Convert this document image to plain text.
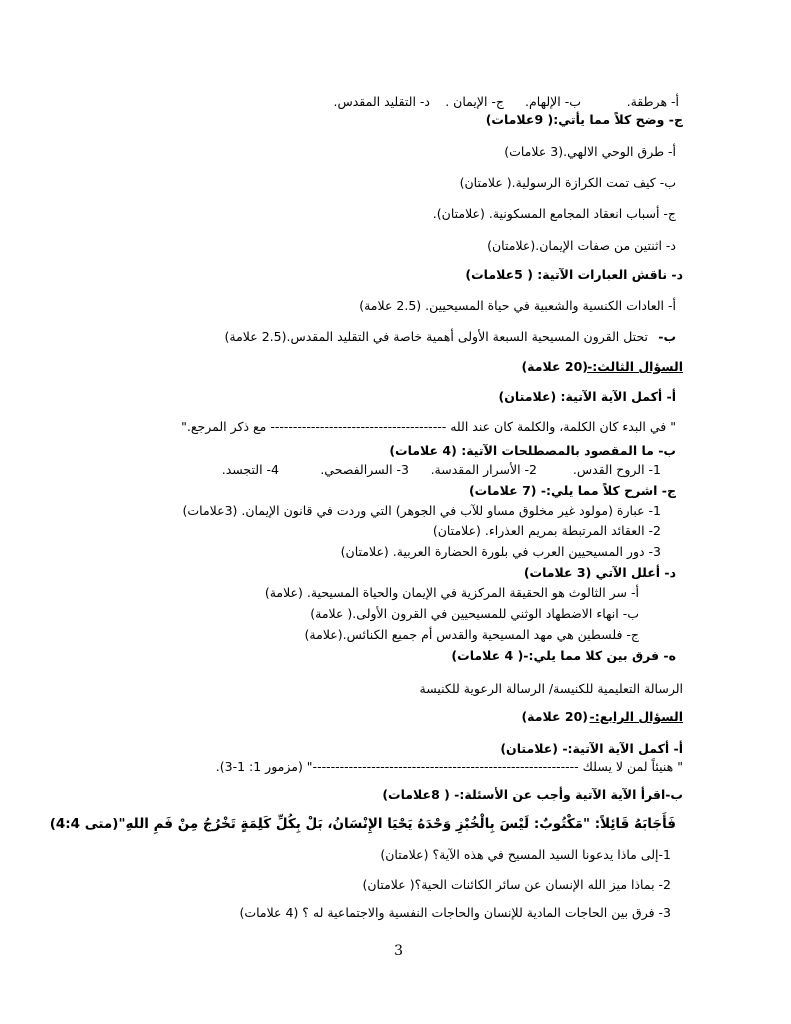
أ- هرطقة.
ب- الإلهام.
ج- الإيمان .
د- التقليد المقدس.
ج- وضح كلاً مما يأتي:( 9علامات)
أ- طرق الوحي الالهي.(3 علامات)
ب- كيف تمت الكرازة الرسولية.( علامتان)
ج- أسباب انعقاد المجامع المسكونية. (علامتان).
د- اثنتين من صفات الإيمان.(علامتان)
د- ناقش العبارات الآتية: ( 5علامات)
أ- العادات الكنسية والشعبية في حياة المسيحيين. (2.5 علامة)
ب-
تحتل القرون المسيحية السبعة الأولى أهمية خاصة في التقليد المقدس.(2.5 علامة)
السؤال الثالث:-
(20 علامة)
أ- أكمل الآية الآتية: (علامتان)
" في البدء كان الكلمة، والكلمة كان عند الله --------------------------------------- مع ذكر المرجع."
ب- ما المقصود بالمصطلحات الآتية: (4 علامات)
1- الروح القدس.
2- الأسرار المقدسة.
3- السرالفصحي.
4- التجسد.
ج- اشرح كلاً مما يلي:- (7 علامات)
1- عبارة (مولود غير مخلوق مساو للآب في الجوهر) التي وردت في قانون الإيمان. (3علامات)
2- العقائد المرتبطة بمريم العذراء. (علامتان)
3- دور المسيحيين العرب في بلورة الحضارة العربية. (علامتان)
د- أعلل الآتي (3 علامات)
أ- سر الثالوث هو الحقيقة المركزية في الإيمان والحياة المسيحية. (علامة)
ب- انهاء الاضطهاد الوثني للمسيحيين في القرون الأولى.( علامة)
ج- فلسطين هي مهد المسيحية والقدس أم جميع الكنائس.(علامة)
ه- فرق بين كلا مما يلي:-( 4 علامات)
الرسالة التعليمية للكنيسة/ الرسالة الرعوية للكنيسة
السؤال الرابع:-
(20 علامة)
أ- أكمل الآية الآتية:- (علامتان)
" هنيئاً لمن لا يسلك -----------------------------------------------------------" (مزمور 1: 1-3).
ب-اقرأ الآية الآتية وأجب عن الأسئلة:- ( 8علامات)
فَأَجَابَهُ قَائِلاً: "مَكْتُوبٌ: لَيْسَ بِالْخُبْزِ وَحْدَهُ يَحْيَا الإِنْسَانُ، بَلْ بِكُلِّ كَلِمَةٍ تَخْرُجُ مِنْ فَمِ اللهِ"(متى 4:4)
1-إلى ماذا يدعونا السيد المسيح في هذه الآية؟ (علامتان)
2- بماذا ميز الله الإنسان عن سائر الكائنات الحية؟( علامتان)
3- فرق بين الحاجات المادية للإنسان والحاجات النفسية والاجتماعية له ؟ (4 علامات)
3
